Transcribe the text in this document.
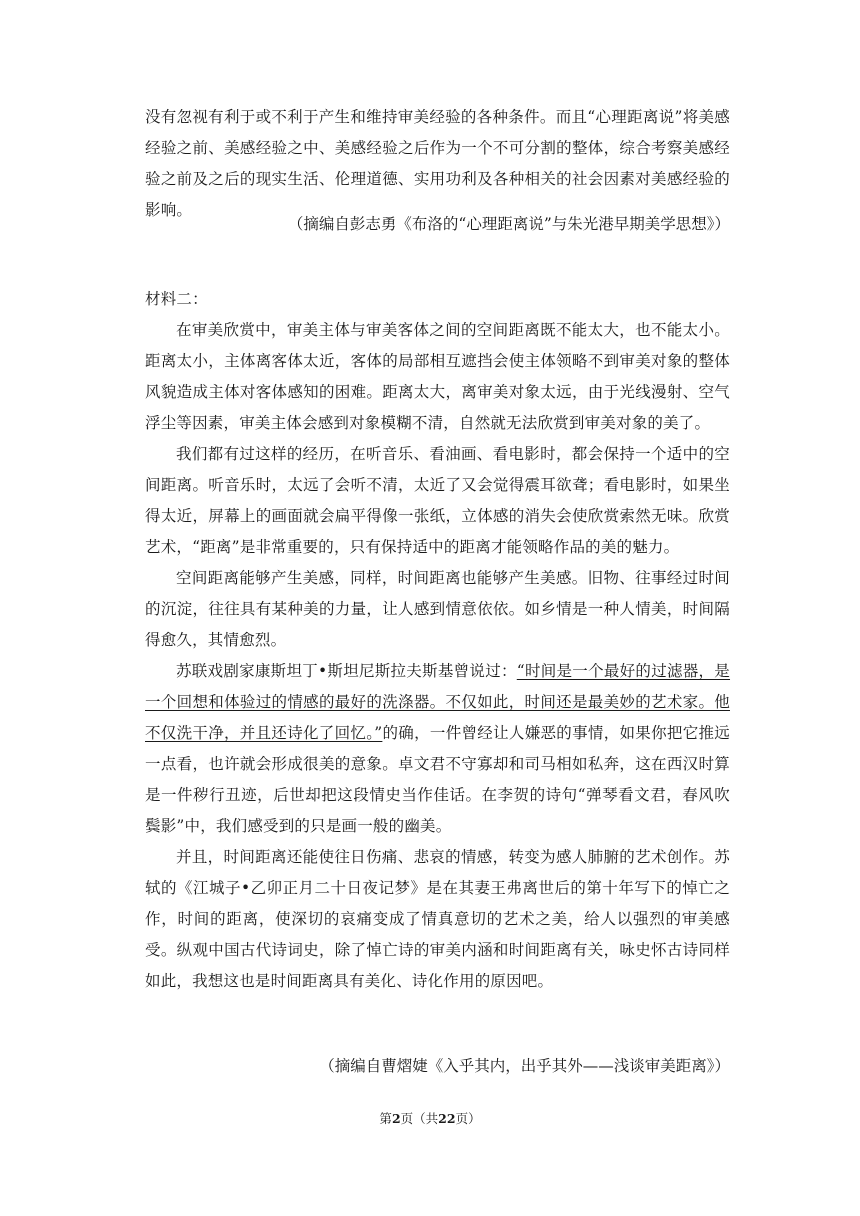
没有忽视有利于或不利于产生和维持审美经验的各种条件。而且“心理距离说”将美感经验之前、美感经验之中、美感经验之后作为一个不可分割的整体，综合考察美感经验之前及之后的现实生活、伦理道德、实用功利及各种相关的社会因素对美感经验的影响。

（摘编自彭志勇《布洛的“心理距离说”与朱光港早期美学思想》）

材料二：

在审美欣赏中，审美主体与审美客体之间的空间距离既不能太大，也不能太小。距离太小，主体离客体太近，客体的局部相互遮挡会使主体领略不到审美对象的整体风貌造成主体对客体感知的困难。距离太大，离审美对象太远，由于光线漫射、空气浮尘等因素，审美主体会感到对象模糊不清，自然就无法欣赏到审美对象的美了。

我们都有过这样的经历，在听音乐、看油画、看电影时，都会保持一个适中的空间距离。听音乐时，太远了会听不清，太近了又会觉得震耳欲聋；看电影时，如果坐得太近，屏幕上的画面就会扁平得像一张纸，立体感的消失会使欣赏索然无味。欣赏艺术，“距离”是非常重要的，只有保持适中的距离才能领略作品的美的魅力。

空间距离能够产生美感，同样，时间距离也能够产生美感。旧物、往事经过时间的沉淀，往往具有某种美的力量，让人感到情意依依。如乡情是一种人情美，时间隔得愈久，其情愈烈。

苏联戏剧家康斯坦丁•斯坦尼斯拉夫斯基曾说过：“时间是一个最好的过滤器，是一个回想和体验过的情感的最好的洗涤器。不仅如此，时间还是最美妙的艺术家。他不仅洗干净，并且还诗化了回忆。”的确，一件曾经让人嫌恶的事情，如果你把它推远一点看，也许就会形成很美的意象。卓文君不守寡却和司马相如私奔，这在西汉时算是一件秽行丑迹，后世却把这段情史当作佳话。在李贺的诗句“弹琴看文君，春风吹鬓影”中，我们感受到的只是画一般的幽美。

并且，时间距离还能使往日伤痛、悲哀的情感，转变为感人肺腑的艺术创作。苏轼的《江城子•乙卯正月二十日夜记梦》是在其妻王弗离世后的第十年写下的悼亡之作，时间的距离，使深切的哀痛变成了情真意切的艺术之美，给人以强烈的审美感受。纵观中国古代诗词史，除了悼亡诗的审美内涵和时间距离有关，咏史怀古诗同样如此，我想这也是时间距离具有美化、诗化作用的原因吧。

（摘编自曹熠婕《入乎其内，出乎其外——浅谈审美距离》）
第2页（共22页）
